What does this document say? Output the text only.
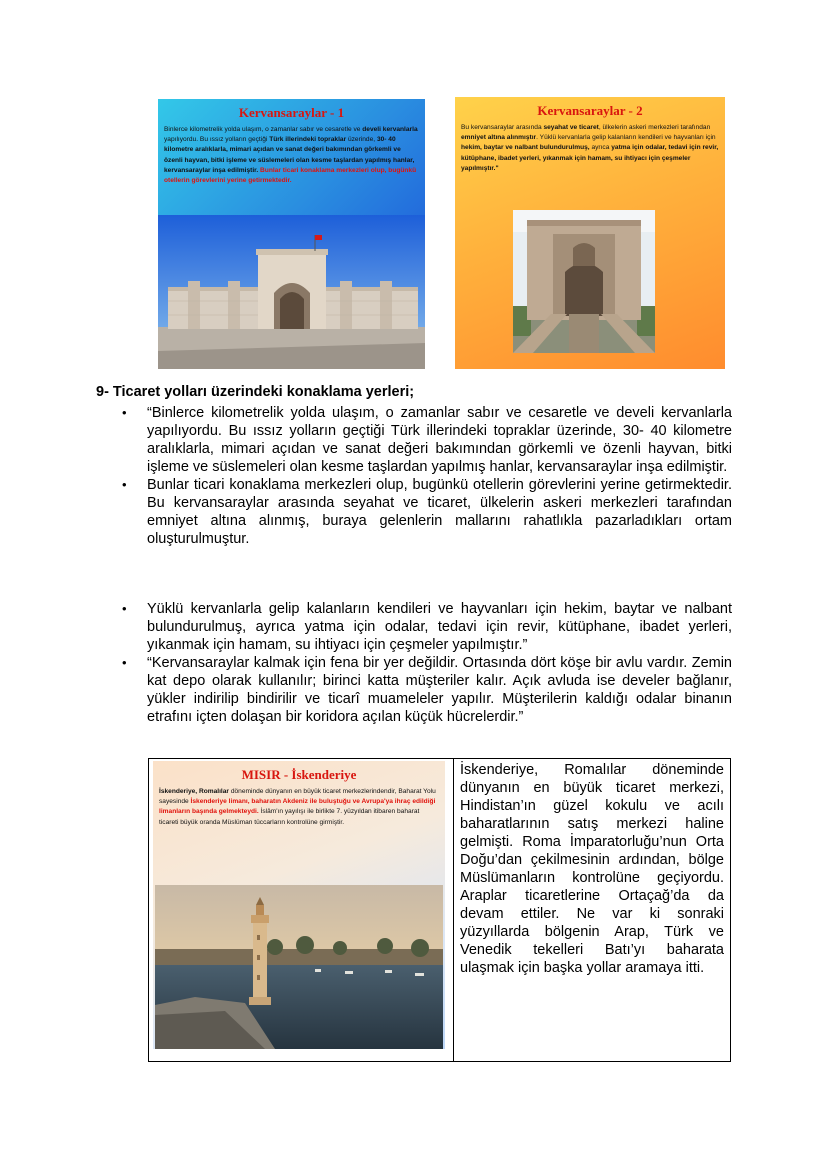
Kervansaraylar - 1
Binlerce kilometrelik yolda ulaşım, o zamanlar sabır ve cesaretle ve develi kervanlarla yapılıyordu. Bu ıssız yolların geçtiği Türk illerindeki topraklar üzerinde, 30- 40 kilometre aralıklarla, mimari açıdan ve sanat değeri bakımından görkemli ve özenli hayvan, bitki işleme ve süslemeleri olan kesme taşlardan yapılmış hanlar, kervansaraylar inşa edilmiştir. Bunlar ticari konaklama merkezleri olup, bugünkü otellerin görevlerini yerine getirmektedir.
Kervansaraylar - 2
Bu kervansaraylar arasında seyahat ve ticaret, ülkelerin askeri merkezleri tarafından emniyet altına alınmıştır. Yüklü kervanlarla gelip kalanların kendileri ve hayvanları için hekim, baytar ve nalbant bulundurulmuş, ayrıca yatma için odalar, tedavi için revir, kütüphane, ibadet yerleri, yıkanmak için hamam, su ihtiyacı için çeşmeler yapılmıştır."
9- Ticaret yolları üzerindeki konaklama yerleri;
• “Binlerce kilometrelik yolda ulaşım, o zamanlar sabır ve cesaretle ve develi kervanlarla yapılıyordu. Bu ıssız yolların geçtiği Türk illerindeki topraklar üzerinde, 30- 40 kilometre aralıklarla, mimari açıdan ve sanat değeri bakımından görkemli ve özenli hayvan, bitki işleme ve süslemeleri olan kesme taşlardan yapılmış hanlar, kervansaraylar inşa edilmiştir.
• Bunlar ticari konaklama merkezleri olup, bugünkü otellerin görevlerini yerine getirmektedir. Bu kervansaraylar arasında seyahat ve ticaret, ülkelerin askeri merkezleri tarafından emniyet altına alınmış, buraya gelenlerin mallarını rahatlıkla pazarladıkları ortam oluşturulmuştur.
• Yüklü kervanlarla gelip kalanların kendileri ve hayvanları için hekim, baytar ve nalbant bulundurulmuş, ayrıca yatma için odalar, tedavi için revir, kütüphane, ibadet yerleri, yıkanmak için hamam, su ihtiyacı için çeşmeler yapılmıştır.”
• “Kervansaraylar kalmak için fena bir yer değildir. Ortasında dört köşe bir avlu vardır. Zemin kat depo olarak kullanılır; birinci katta müşteriler kalır. Açık avluda ise develer bağlanır, yükler indirilip bindirilir ve ticarî muameleler yapılır. Müşterilerin kaldığı odalar binanın etrafını içten dolaşan bir koridora açılan küçük hücrelerdir.”
MISIR - İskenderiye
İskenderiye, Romalılar döneminde dünyanın en büyük ticaret merkezlerindendir, Baharat Yolu sayesinde İskenderiye limanı, baharatın Akdeniz ile buluştuğu ve Avrupa'ya ihraç edildiği limanların başında gelmekteydi. İslâm'ın yayılışı ile birlikte 7. yüzyıldan itibaren baharat ticareti büyük oranda Müslüman tüccarların kontrolüne girmiştir.
İskenderiye, Romalılar döneminde dünyanın en büyük ticaret merkezi, Hindistan’ın güzel kokulu ve acılı baharatlarının satış merkezi haline gelmişti. Roma İmparatorluğu’nun Orta Doğu’dan çekilmesinin ardından, bölge Müslümanların kontrolüne geçiyordu. Araplar ticaretlerine Ortaçağ’da da devam ettiler. Ne var ki sonraki yüzyıllarda bölgenin Arap, Türk ve Venedik tekelleri Batı’yı baharata ulaşmak için başka yollar aramaya itti.
